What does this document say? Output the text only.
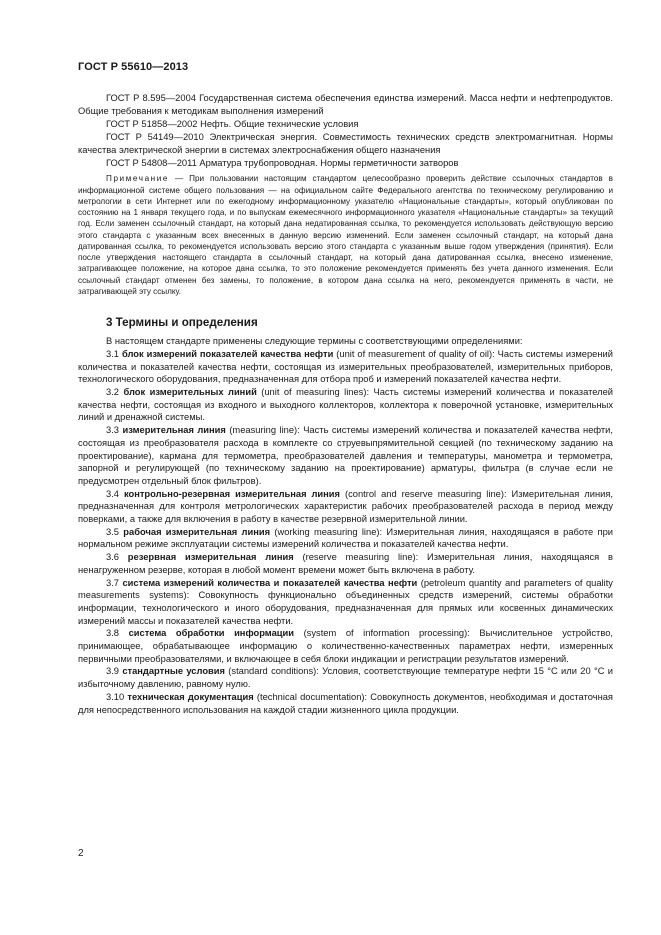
ГОСТ Р 55610—2013

ГОСТ Р 8.595—2004 Государственная система обеспечения единства измерений. Масса нефти и нефтепродуктов. Общие требования к методикам выполнения измерений

ГОСТ Р 51858—2002 Нефть. Общие технические условия

ГОСТ Р 54149—2010 Электрическая энергия. Совместимость технических средств электромагнитная. Нормы качества электрической энергии в системах электроснабжения общего назначения

ГОСТ Р 54808—2011 Арматура трубопроводная. Нормы герметичности затворов

Примечание — При пользовании настоящим стандартом целесообразно проверить действие ссылочных стандартов в информационной системе общего пользования — на официальном сайте Федерального агентства по техническому регулированию и метрологии в сети Интернет или по ежегодному информационному указателю «Национальные стандарты», который опубликован по состоянию на 1 января текущего года, и по выпускам ежемесячного информационного указателя «Национальные стандарты» за текущий год. Если заменен ссылочный стандарт, на который дана недатированная ссылка, то рекомендуется использовать действующую версию этого стандарта с указанным всех внесенных в данную версию изменений. Если заменен ссылочный стандарт, на который дана датированная ссылка, то рекомендуется использовать версию этого стандарта с указанным выше годом утверждения (принятия). Если после утверждения настоящего стандарта в ссылочный стандарт, на который дана датированная ссылка, внесено изменение, затрагивающее положение, на которое дана ссылка, то это положение рекомендуется применять без учета данного изменения. Если ссылочный стандарт отменен без замены, то положение, в котором дана ссылка на него, рекомендуется применять в части, не затрагивающей эту ссылку.

3 Термины и определения

В настоящем стандарте применены следующие термины с соответствующими определениями:

3.1 блок измерений показателей качества нефти (unit of measurement of quality of oil): Часть системы измерений количества и показателей качества нефти, состоящая из измерительных преобразователей, измерительных приборов, технологического оборудования, предназначенная для отбора проб и измерений показателей качества нефти.

3.2 блок измерительных линий (unit of measuring lines): Часть системы измерений количества и показателей качества нефти, состоящая из входного и выходного коллекторов, коллектора к поверочной установке, измерительных линий и дренажной системы.

3.3 измерительная линия (measuring line): Часть системы измерений количества и показателей качества нефти, состоящая из преобразователя расхода в комплекте со струевыпрямительной секцией (по техническому заданию на проектирование), кармана для термометра, преобразователей давления и температуры, манометра и термометра, запорной и регулирующей (по техническому заданию на проектирование) арматуры, фильтра (в случае если не предусмотрен отдельный блок фильтров).

3.4 контрольно-резервная измерительная линия (control and reserve measuring line): Измерительная линия, предназначенная для контроля метрологических характеристик рабочих преобразователей расхода в период между поверками, а также для включения в работу в качестве резервной измерительной линии.

3.5 рабочая измерительная линия (working measuring line): Измерительная линия, находящаяся в работе при нормальном режиме эксплуатации системы измерений количества и показателей качества нефти.

3.6 резервная измерительная линия (reserve measuring line): Измерительная линия, находящаяся в ненагруженном резерве, которая в любой момент времени может быть включена в работу.

3.7 система измерений количества и показателей качества нефти (petroleum quantity and parameters of quality measurements systems): Совокупность функционально объединенных средств измерений, системы обработки информации, технологического и иного оборудования, предназначенная для прямых или косвенных динамических измерений массы и показателей качества нефти.

3.8 система обработки информации (system of information processing): Вычислительное устройство, принимающее, обрабатывающее информацию о количественно-качественных параметрах нефти, измеренных первичными преобразователями, и включающее в себя блоки индикации и регистрации результатов измерений.

3.9 стандартные условия (standard conditions): Условия, соответствующие температуре нефти 15 °С или 20 °С и избыточному давлению, равному нулю.

3.10 техническая документация (technical documentation): Совокупность документов, необходимая и достаточная для непосредственного использования на каждой стадии жизненного цикла продукции.

2
